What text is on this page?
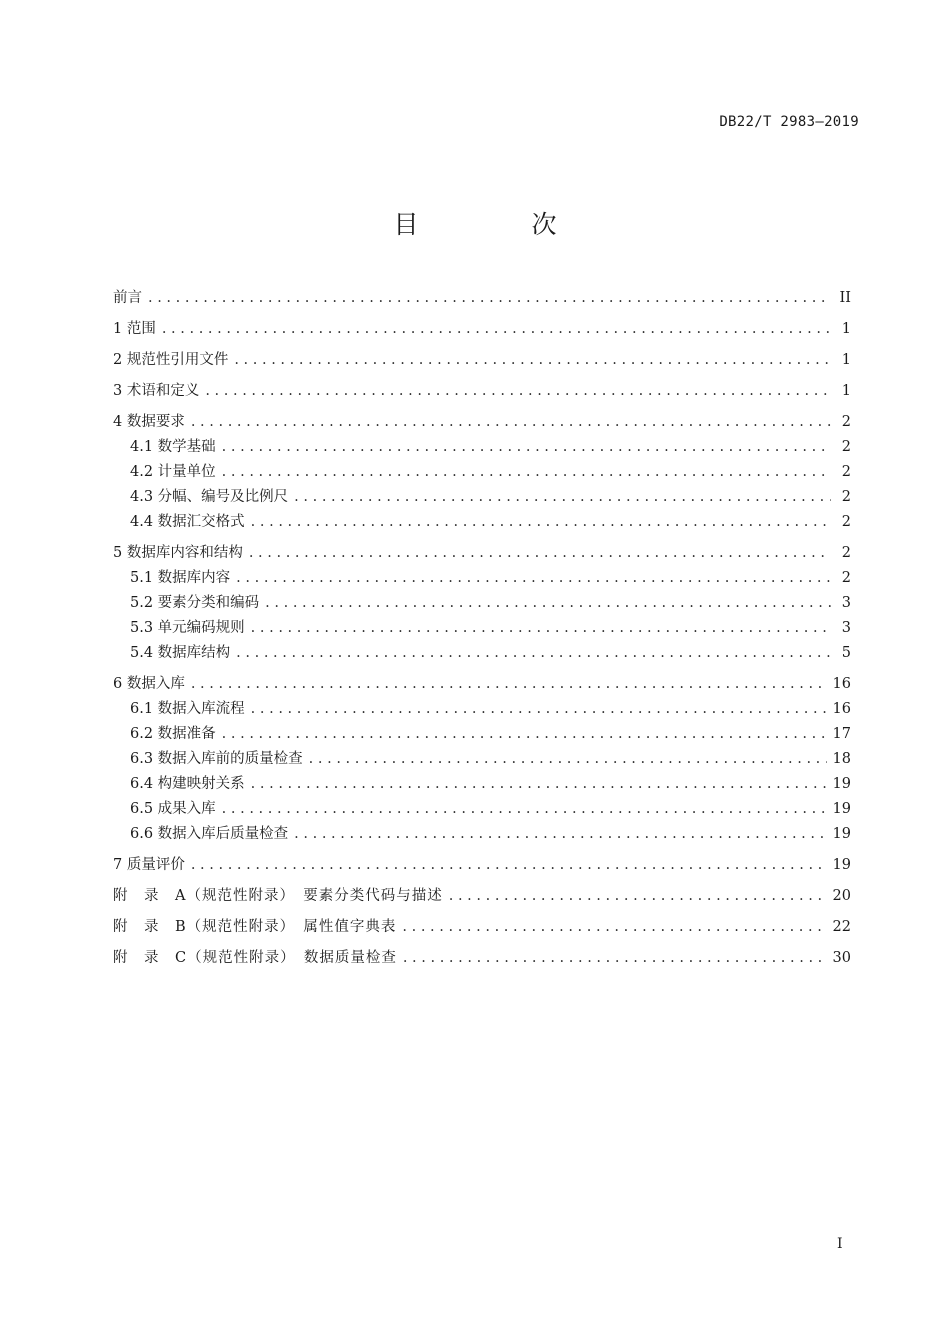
DB22/T 2983—2019
目　次
前言 . . .	II
1 范围 . . .	1
2 规范性引用文件 . . .	1
3 术语和定义 . . .	1
4 数据要求 . . .	2
4.1 数学基础 . . .	2
4.2 计量单位 . . .	2
4.3 分幅、编号及比例尺 . . .	2
4.4 数据汇交格式 . . .	2
5 数据库内容和结构 . . .	2
5.1 数据库内容 . . .	2
5.2 要素分类和编码 . . .	3
5.3 单元编码规则 . . .	3
5.4 数据库结构 . . .	5
6 数据入库 . . .	16
6.1 数据入库流程 . . .	16
6.2 数据准备 . . .	17
6.3 数据入库前的质量检查 . . .	18
6.4 构建映射关系 . . .	19
6.5 成果入库 . . .	19
6.6 数据入库后质量检查 . . .	19
7 质量评价 . . .	19
附　录　A（规范性附录）　要素分类代码与描述 . . .	20
附　录　B（规范性附录）　属性值字典表 . . .	22
附　录　C（规范性附录）　数据质量检查 . . .	30
I
